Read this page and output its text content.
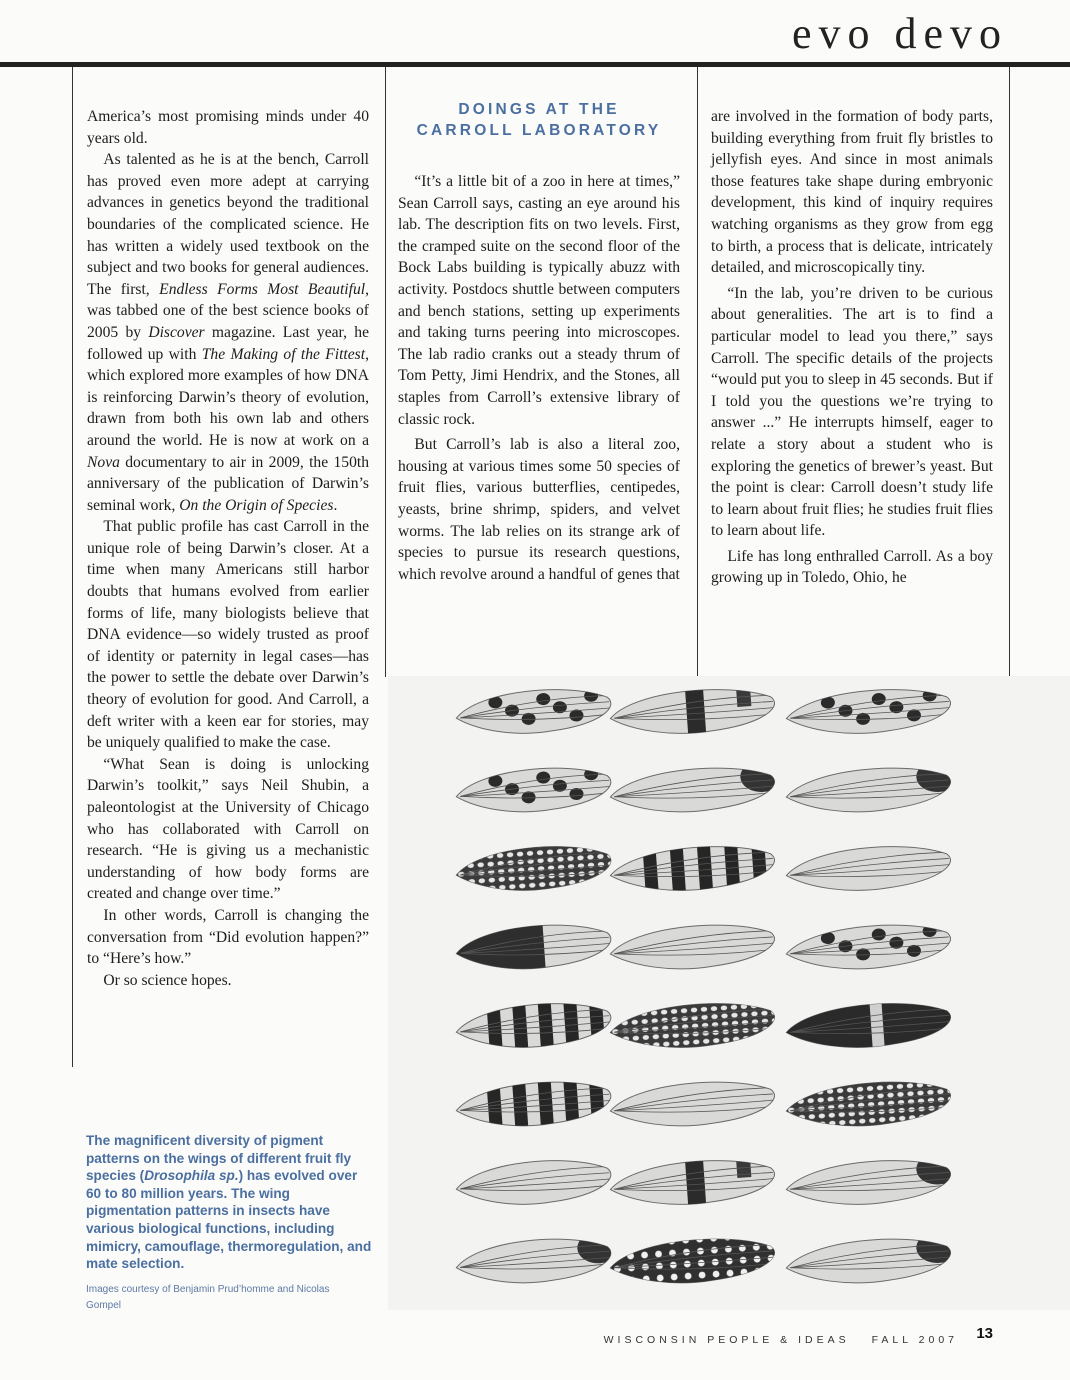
evo devo

America’s most promising minds under 40 years old.

As talented as he is at the bench, Carroll has proved even more adept at carrying advances in genetics beyond the traditional boundaries of the complicated science. He has written a widely used textbook on the subject and two books for general audiences. The first, Endless Forms Most Beautiful, was tabbed one of the best science books of 2005 by Discover magazine. Last year, he followed up with The Making of the Fittest, which explored more examples of how DNA is reinforcing Darwin’s theory of evolution, drawn from both his own lab and others around the world. He is now at work on a Nova documentary to air in 2009, the 150th anniversary of the publication of Darwin’s seminal work, On the Origin of Species.

That public profile has cast Carroll in the unique role of being Darwin’s closer. At a time when many Americans still harbor doubts that humans evolved from earlier forms of life, many biologists believe that DNA evidence—so widely trusted as proof of identity or paternity in legal cases—has the power to settle the debate over Darwin’s theory of evolution for good. And Carroll, a deft writer with a keen ear for stories, may be uniquely qualified to make the case.

“What Sean is doing is unlocking Darwin’s toolkit,” says Neil Shubin, a paleontologist at the University of Chicago who has collaborated with Carroll on research. “He is giving us a mechanistic understanding of how body forms are created and change over time.”

In other words, Carroll is changing the conversation from “Did evolution happen?” to “Here’s how.”

Or so science hopes.

DOINGS AT THE
CARROLL LABORATORY

“It’s a little bit of a zoo in here at times,” Sean Carroll says, casting an eye around his lab. The description fits on two levels. First, the cramped suite on the second floor of the Bock Labs building is typically abuzz with activity. Postdocs shuttle between computers and bench stations, setting up experiments and taking turns peering into microscopes. The lab radio cranks out a steady thrum of Tom Petty, Jimi Hendrix, and the Stones, all staples from Carroll’s extensive library of classic rock.

But Carroll’s lab is also a literal zoo, housing at various times some 50 species of fruit flies, various butterflies, centipedes, yeasts, brine shrimp, spiders, and velvet worms. The lab relies on its strange ark of species to pursue its research questions, which revolve around a handful of genes that

are involved in the formation of body parts, building everything from fruit fly bristles to jellyfish eyes. And since in most animals those features take shape during embryonic development, this kind of inquiry requires watching organisms as they grow from egg to birth, a process that is delicate, intricately detailed, and microscopically tiny.

“In the lab, you’re driven to be curious about generalities. The art is to find a particular model to lead you there,” says Carroll. The specific details of the projects “would put you to sleep in 45 seconds. But if I told you the questions we’re trying to answer ...” He interrupts himself, eager to relate a story about a student who is exploring the genetics of brewer’s yeast. But the point is clear: Carroll doesn’t study life to learn about fruit flies; he studies fruit flies to learn about life.

Life has long enthralled Carroll. As a boy growing up in Toledo, Ohio, he

The magnificent diversity of pigment patterns on the wings of different fruit fly species (Drosophila sp.) has evolved over 60 to 80 million years. The wing pigmentation patterns in insects have various biological functions, including mimicry, camouflage, thermoregulation, and mate selection.
Images courtesy of Benjamin Prud’homme and Nicolas Gompel
WISCONSIN PEOPLE & IDEAS FALL 2007 13
